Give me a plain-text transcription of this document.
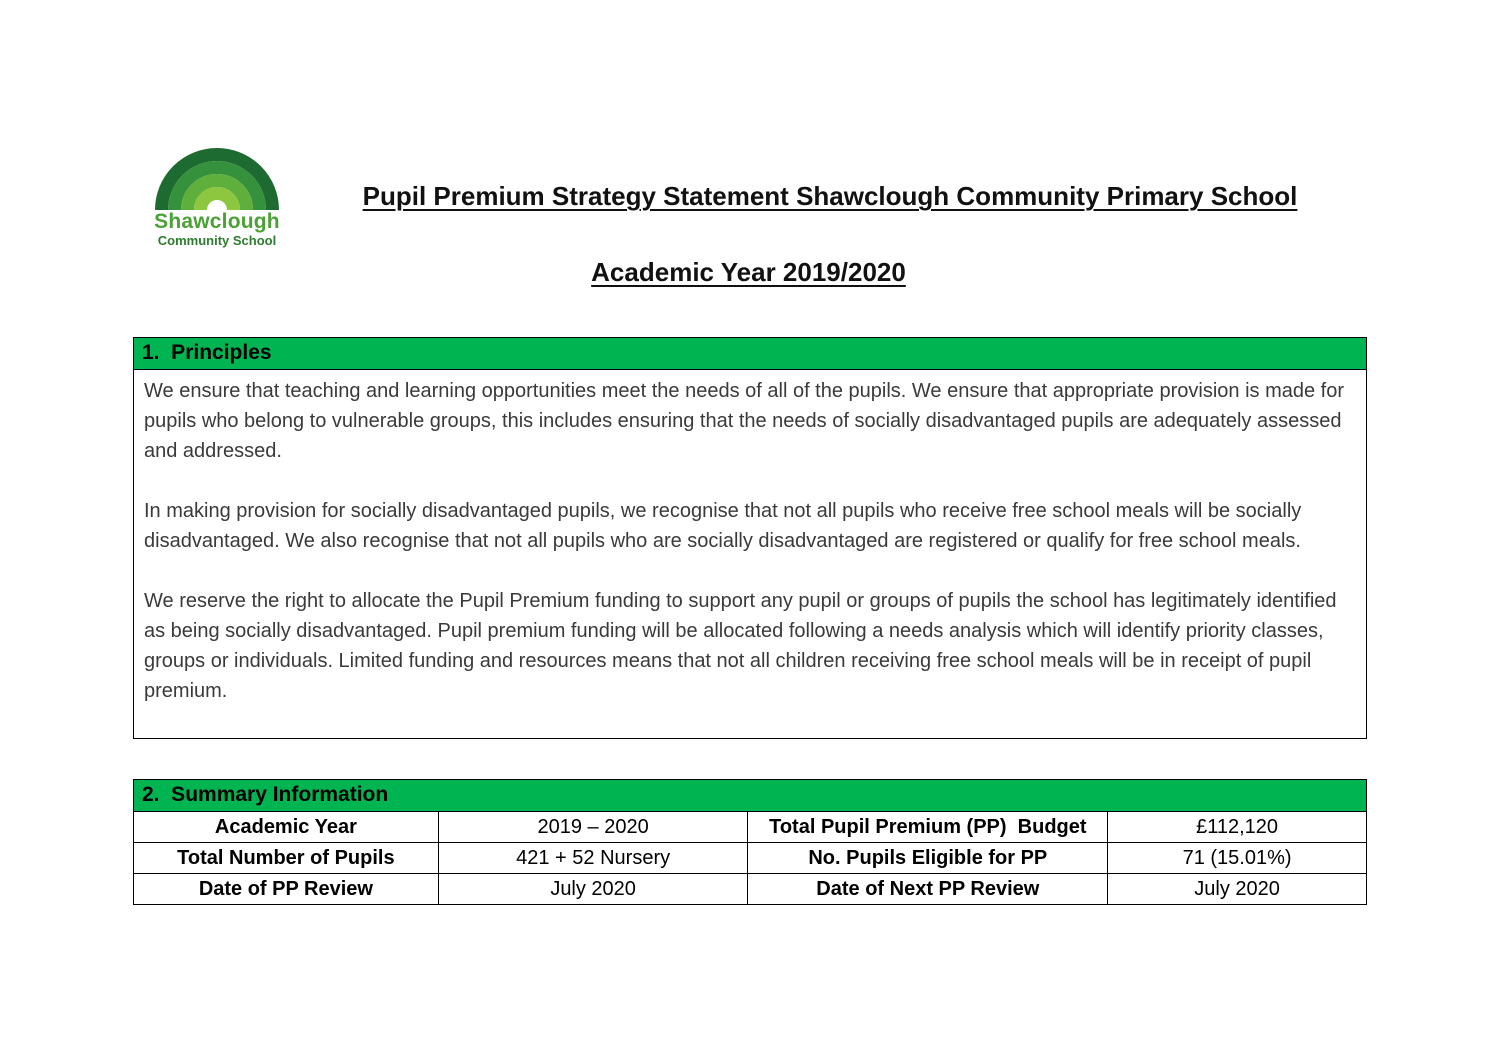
Shawclough
Community School
Pupil Premium Strategy Statement Shawclough Community Primary School
Academic Year 2019/2020
1.  Principles

We ensure that teaching and learning opportunities meet the needs of all of the pupils. We ensure that appropriate provision is made for pupils who belong to vulnerable groups, this includes ensuring that the needs of socially disadvantaged pupils are adequately assessed and addressed.

In making provision for socially disadvantaged pupils, we recognise that not all pupils who receive free school meals will be socially disadvantaged. We also recognise that not all pupils who are socially disadvantaged are registered or qualify for free school meals.

We reserve the right to allocate the Pupil Premium funding to support any pupil or groups of pupils the school has legitimately identified as being socially disadvantaged. Pupil premium funding will be allocated following a needs analysis which will identify priority classes, groups or individuals. Limited funding and resources means that not all children receiving free school meals will be in receipt of pupil premium.

2.  Summary Information
Academic Year	2019 – 2020	Total Pupil Premium (PP)  Budget	£112,120
Total Number of Pupils	421 + 52 Nursery	No. Pupils Eligible for PP	71 (15.01%)
Date of PP Review	July 2020	Date of Next PP Review	July 2020
